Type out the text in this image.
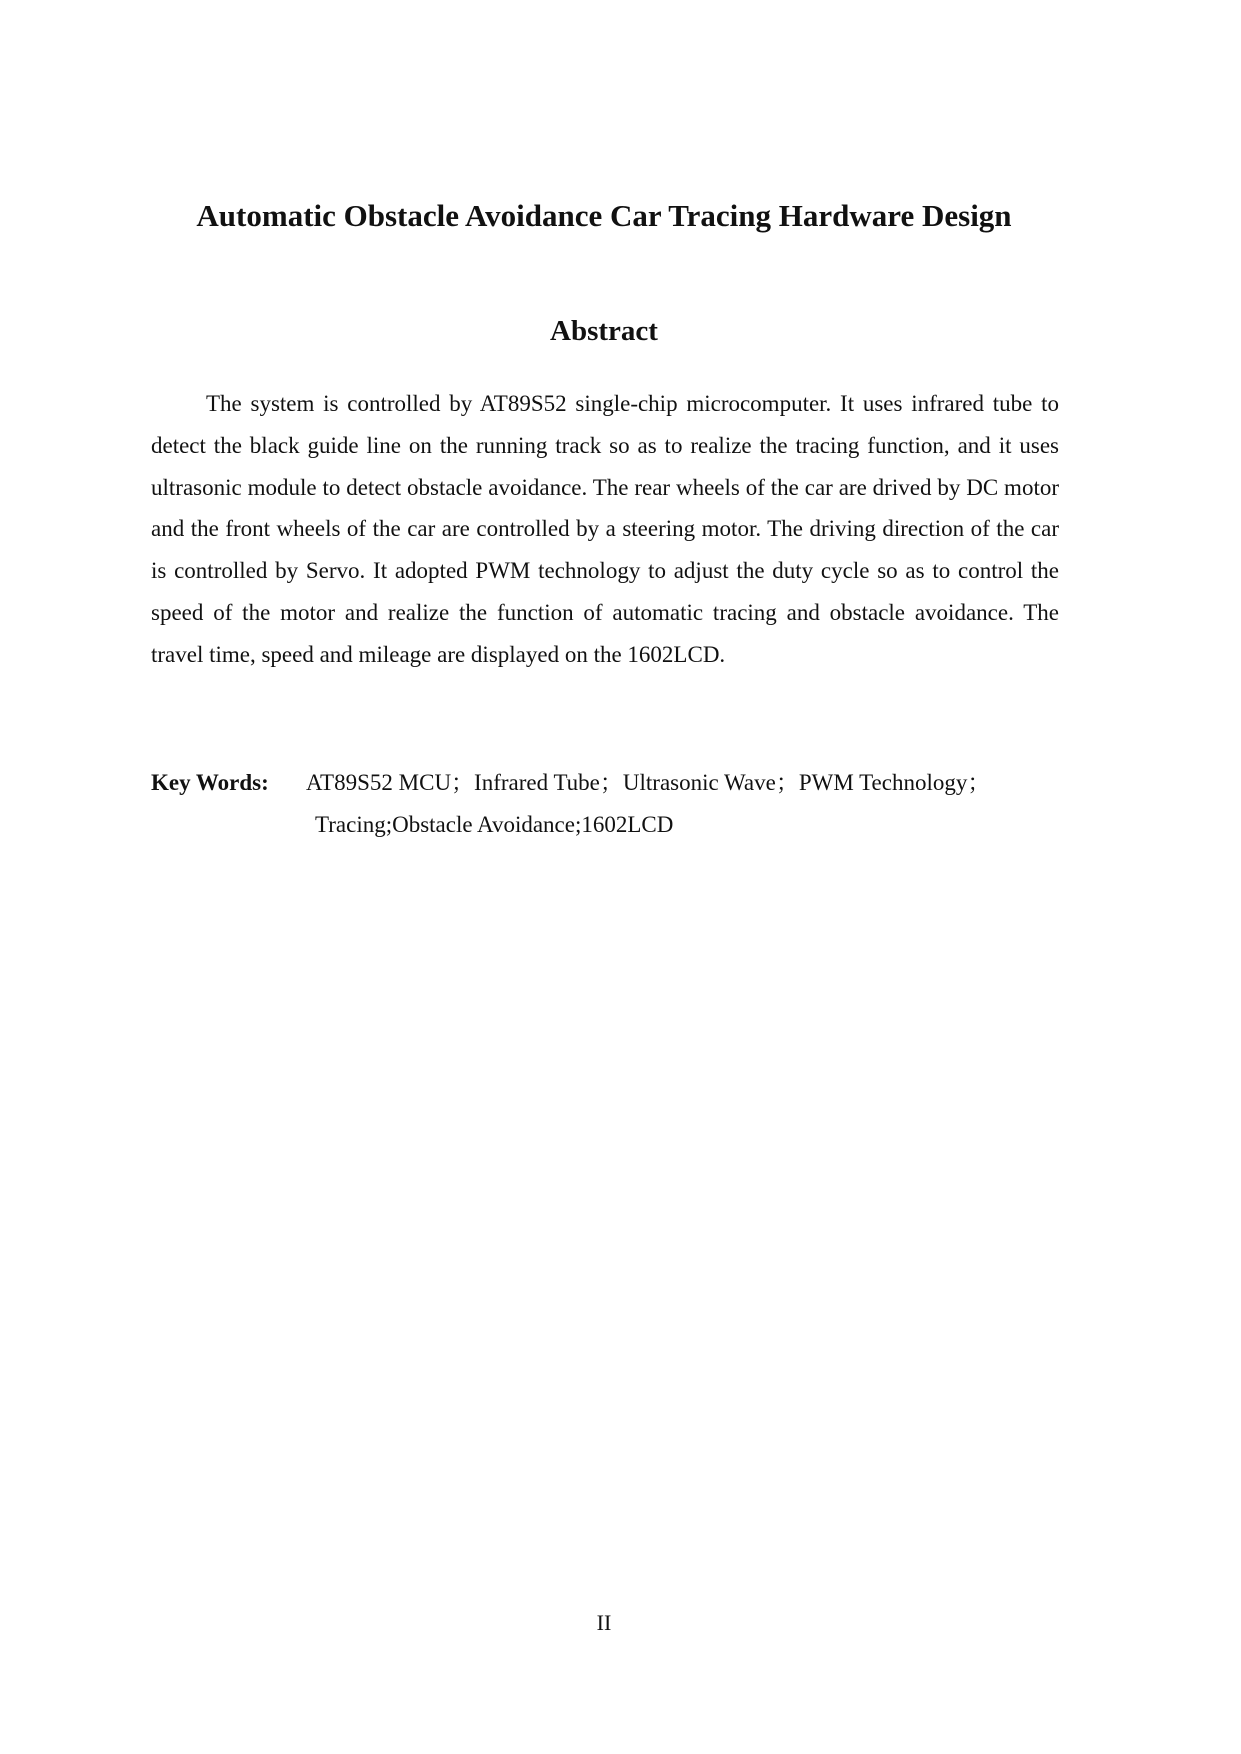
Automatic Obstacle Avoidance Car Tracing Hardware Design
Abstract

The system is controlled by AT89S52 single-chip microcomputer. It uses infrared tube to detect the black guide line on the running track so as to realize the tracing function, and it uses ultrasonic module to detect obstacle avoidance. The rear wheels of the car are drived by DC motor and the front wheels of the car are controlled by a steering motor. The driving direction of the car is controlled by Servo. It adopted PWM technology to adjust the duty cycle so as to control the speed of the motor and realize the function of automatic tracing and obstacle avoidance. The travel time, speed and mileage are displayed on the 1602LCD.

Key Words: AT89S52 MCU；Infrared Tube；Ultrasonic Wave；PWM Technology；
Tracing;Obstacle Avoidance;1602LCD
II
